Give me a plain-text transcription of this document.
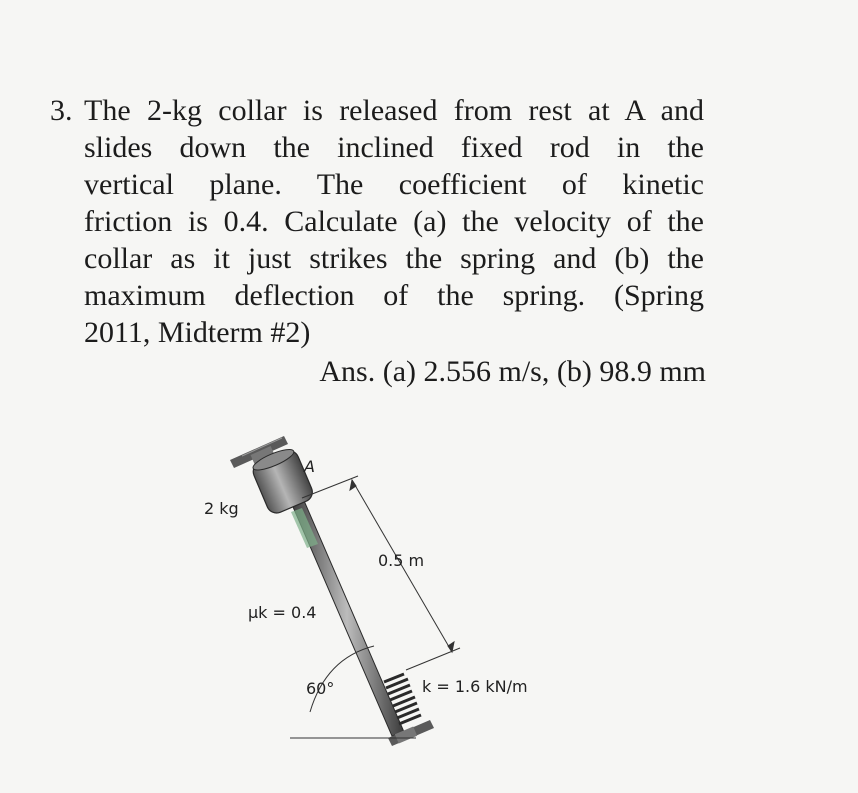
3. The 2-kg collar is released from rest at A and
slides down the inclined fixed rod in the
vertical plane. The coefficient of kinetic
friction is 0.4. Calculate (a) the velocity of the
collar as it just strikes the spring and (b) the
maximum deflection of the spring. (Spring
2011, Midterm #2)
Ans. (a) 2.556 m/s, (b) 98.9 mm
A
2 kg
0.5 m
μk = 0.4
60°	k = 1.6 kN/m
